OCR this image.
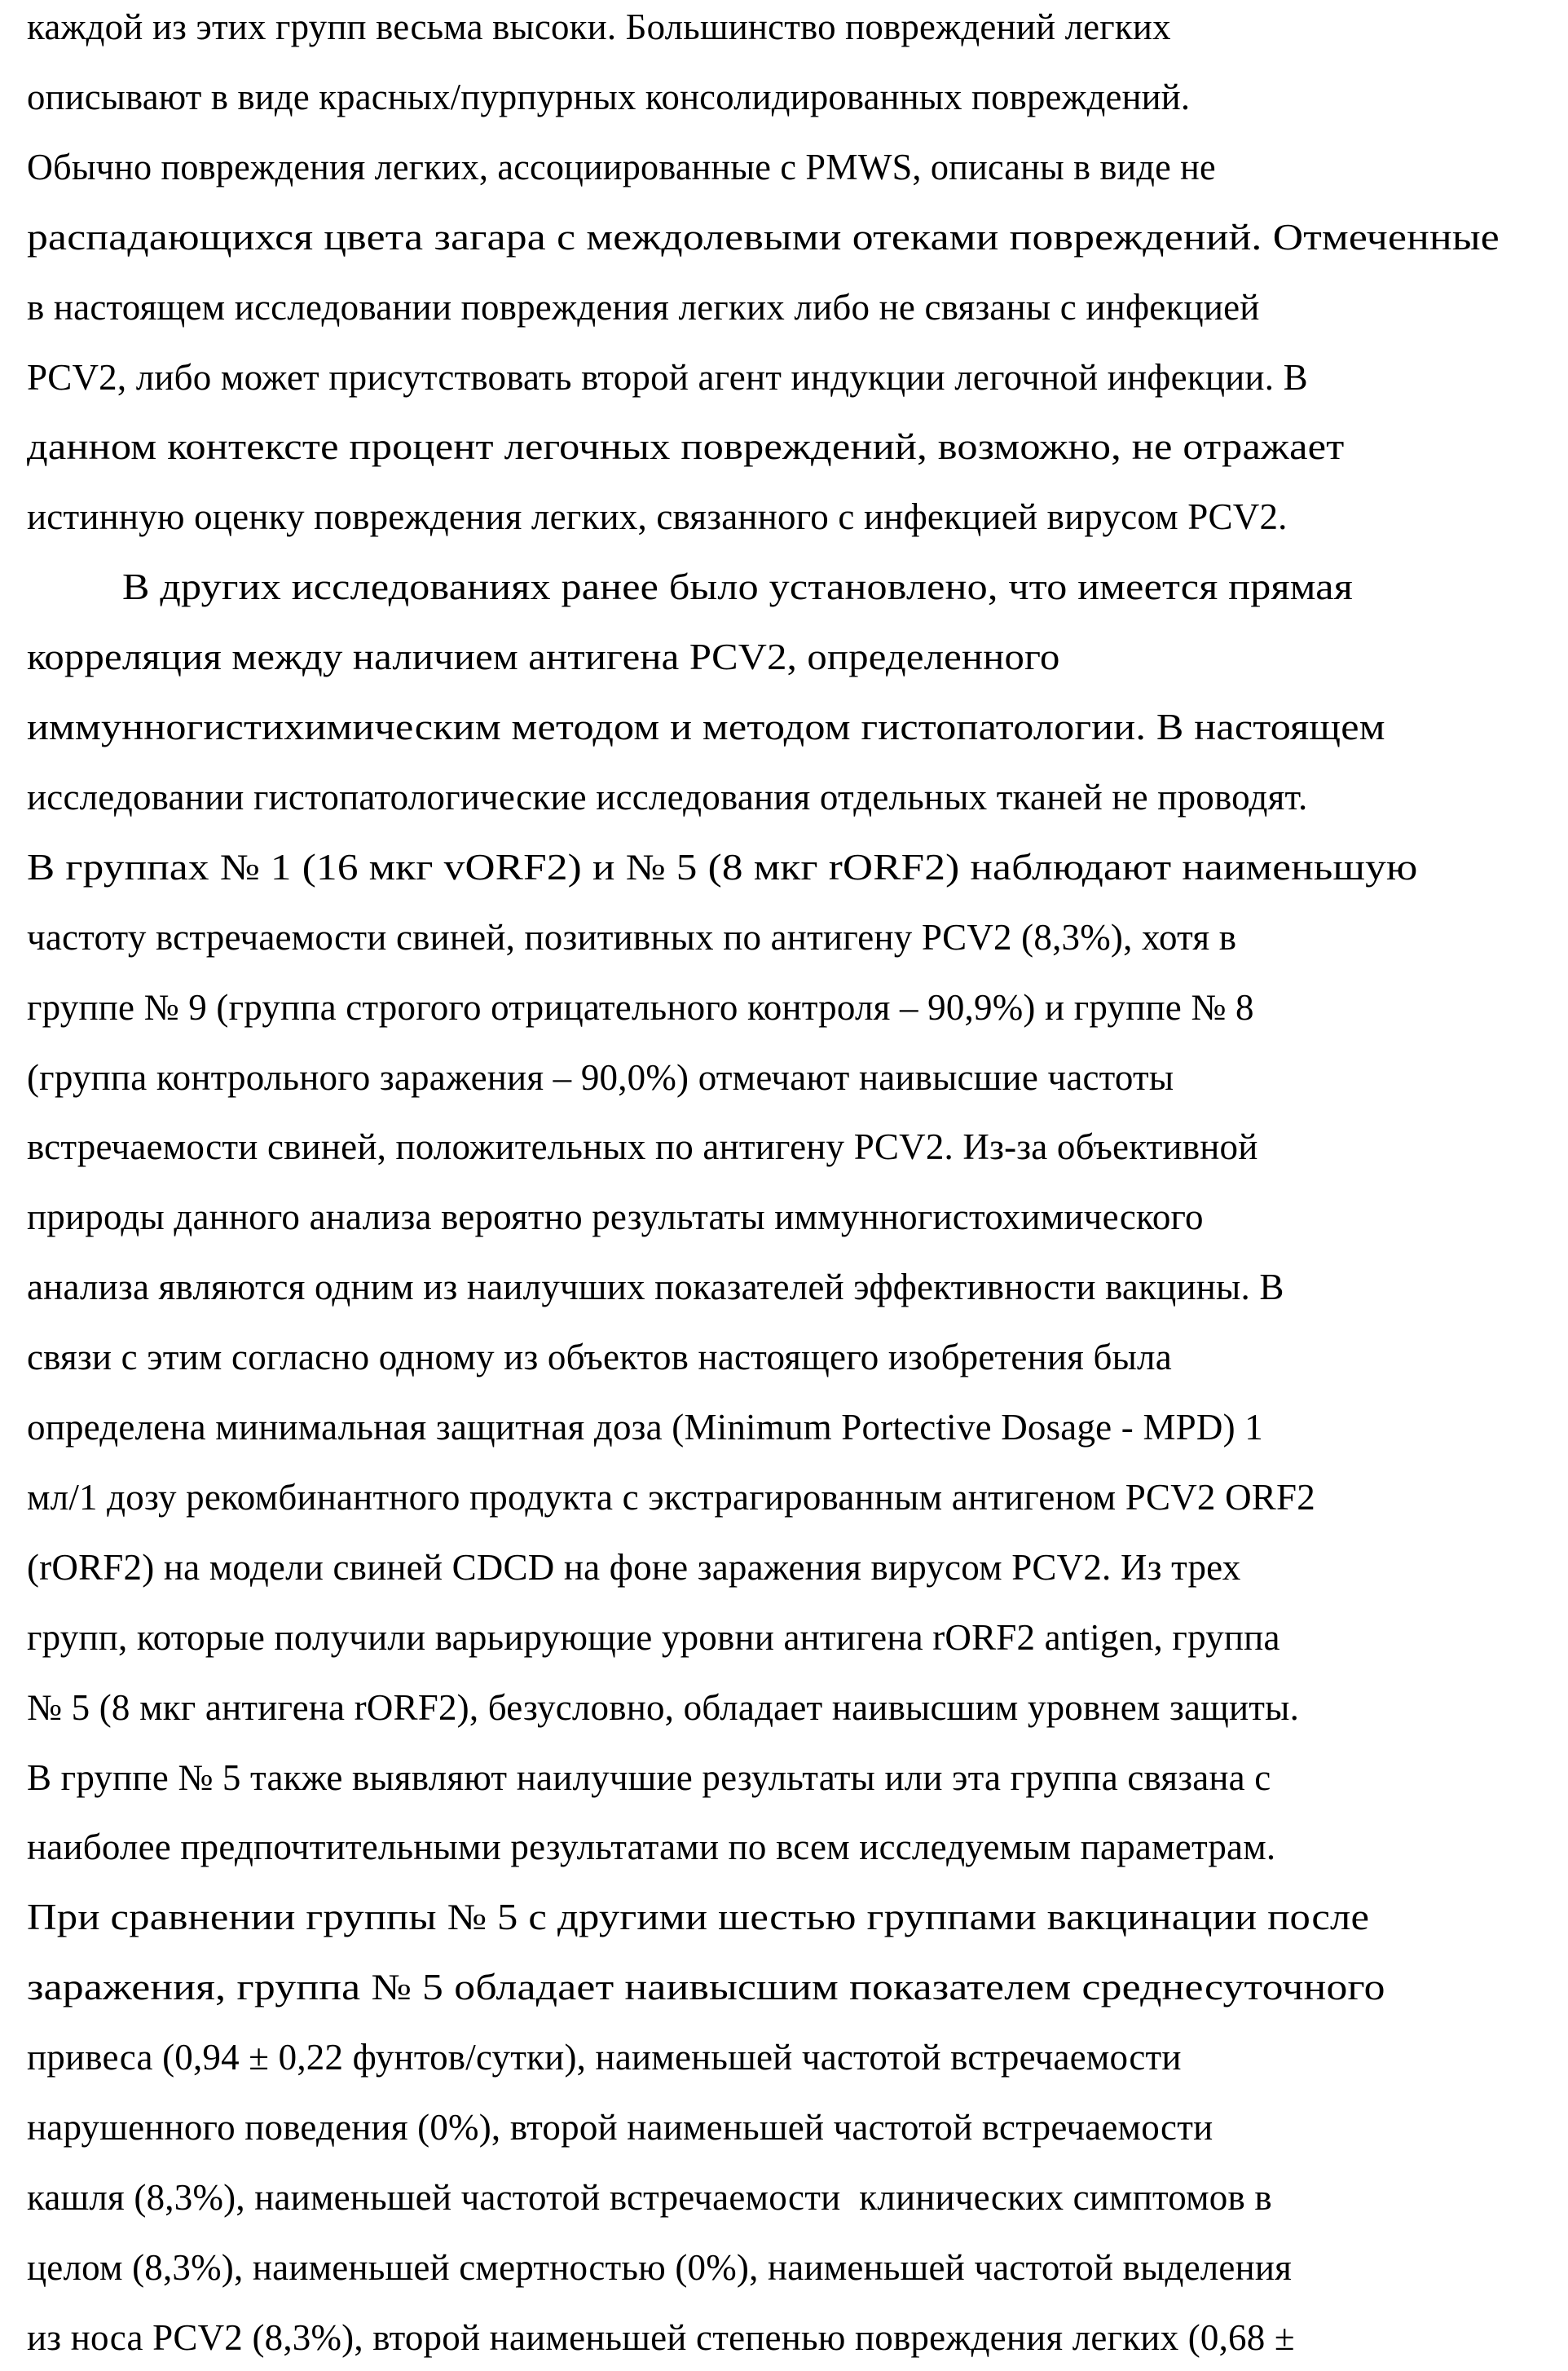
каждой из этих групп весьма высоки. Большинство повреждений легких
описывают в виде красных/пурпурных консолидированных повреждений.
Обычно повреждения легких, ассоциированные с PMWS, описаны в виде не
распадающихся цвета загара с междолевыми отеками повреждений. Отмеченные
в настоящем исследовании повреждения легких либо не связаны с инфекцией
PCV2, либо может присутствовать второй агент индукции легочной инфекции. В
данном контексте процент легочных повреждений, возможно, не отражает
истинную оценку повреждения легких, связанного с инфекцией вирусом PCV2.
В других исследованиях ранее было установлено, что имеется прямая
корреляция между наличием антигена PCV2, определенного
иммунногистихимическим методом и методом гистопатологии. В настоящем
исследовании гистопатологические исследования отдельных тканей не проводят.
В группах № 1 (16 мкг vORF2) и № 5 (8 мкг rORF2) наблюдают наименьшую
частоту встречаемости свиней, позитивных по антигену PCV2 (8,3%), хотя в
группе № 9 (группа строгого отрицательного контроля – 90,9%) и группе № 8
(группа контрольного заражения – 90,0%) отмечают наивысшие частоты
встречаемости свиней, положительных по антигену PCV2. Из-за объективной
природы данного анализа вероятно результаты иммунногистохимического
анализа являются одним из наилучших показателей эффективности вакцины. В
связи с этим согласно одному из объектов настоящего изобретения была
определена минимальная защитная доза (Minimum Portective Dosage - MPD) 1
мл/1 дозу рекомбинантного продукта с экстрагированным антигеном PCV2 ORF2
(rORF2) на модели свиней CDCD на фоне заражения вирусом PCV2. Из трех
групп, которые получили варьирующие уровни антигена rORF2 antigen, группа
№ 5 (8 мкг антигена rORF2), безусловно, обладает наивысшим уровнем защиты.
В группе № 5 также выявляют наилучшие результаты или эта группа связана с
наиболее предпочтительными результатами по всем исследуемым параметрам.
При сравнении группы № 5 с другими шестью группами вакцинации после
заражения, группа № 5 обладает наивысшим показателем среднесуточного
привеса (0,94 ± 0,22 фунтов/сутки), наименьшей частотой встречаемости
нарушенного поведения (0%), второй наименьшей частотой встречаемости
кашля (8,3%), наименьшей частотой встречаемости  клинических симптомов в
целом (8,3%), наименьшей смертностью (0%), наименьшей частотой выделения
из носа PCV2 (8,3%), второй наименьшей степенью повреждения легких (0,68 ±
